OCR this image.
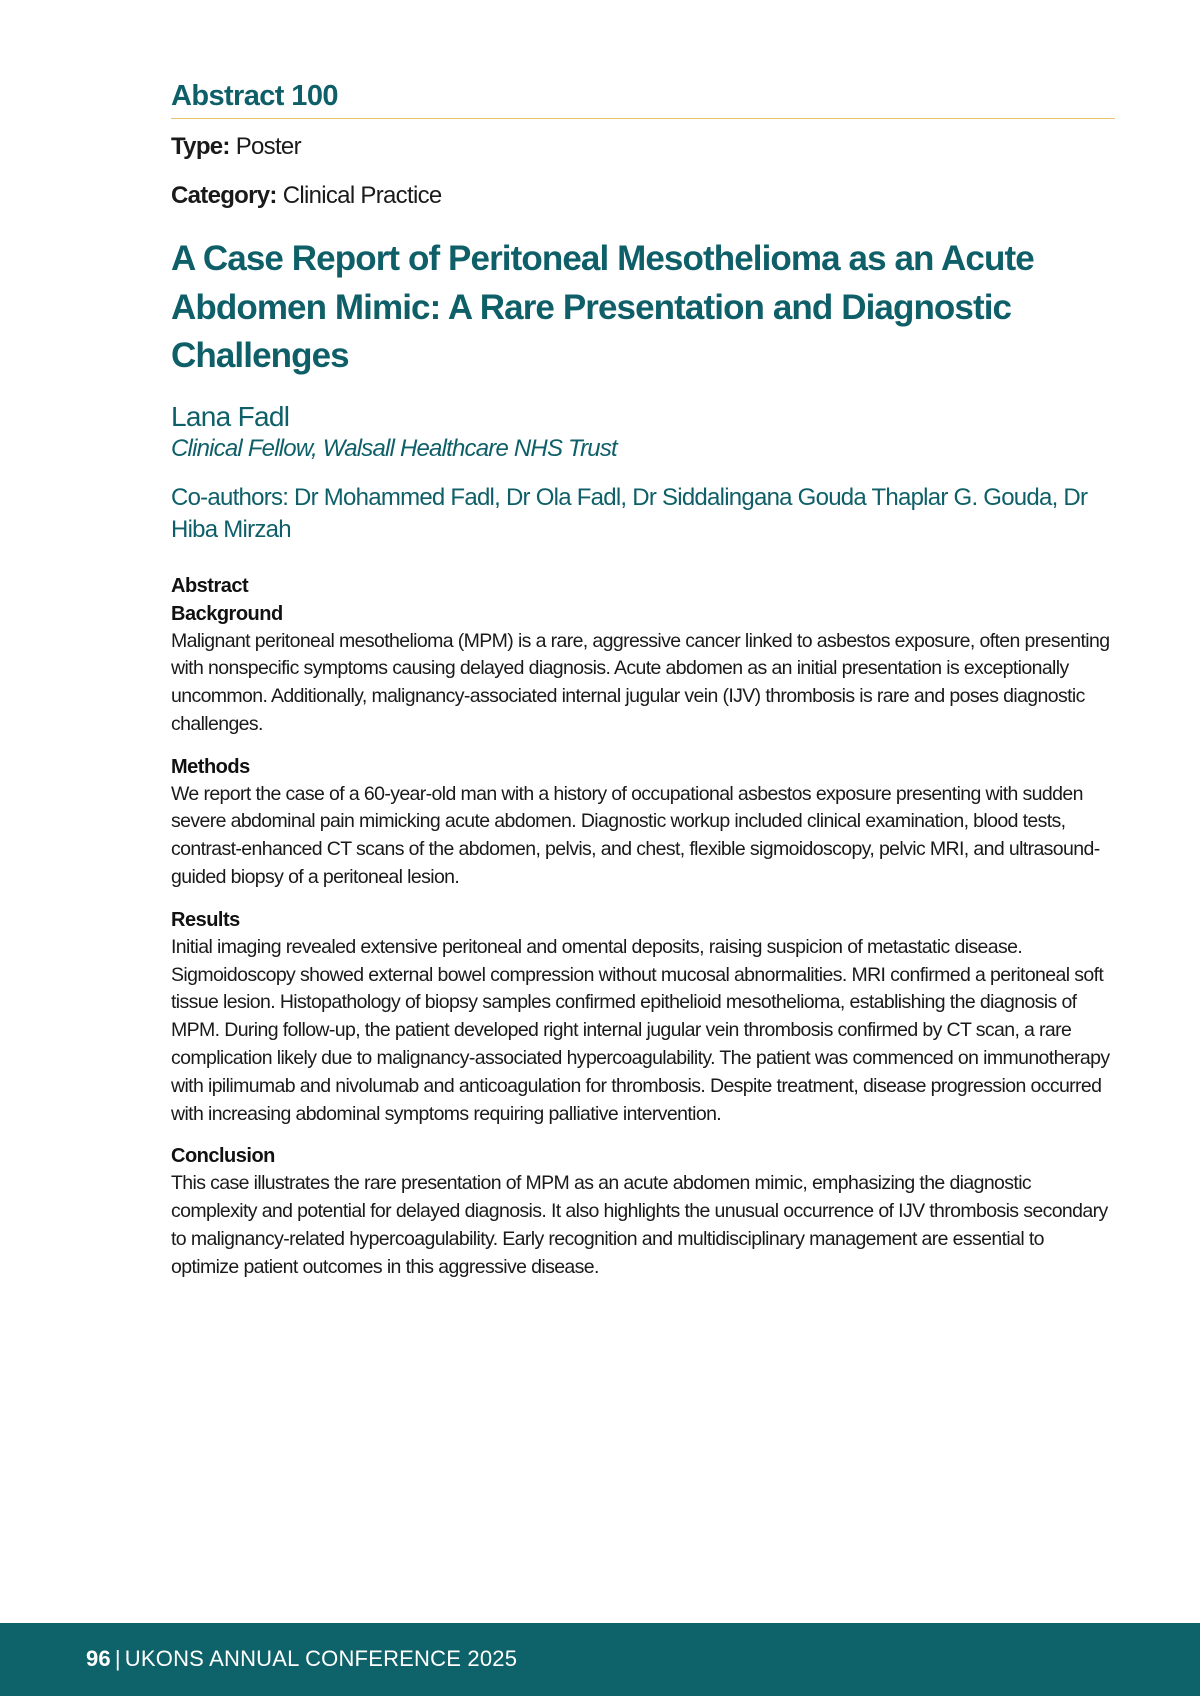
Abstract 100
Type: Poster
Category: Clinical Practice
A Case Report of Peritoneal Mesothelioma as an Acute Abdomen Mimic: A Rare Presentation and Diagnostic Challenges
Lana Fadl
Clinical Fellow, Walsall Healthcare NHS Trust
Co-authors: Dr Mohammed Fadl, Dr Ola Fadl, Dr Siddalingana Gouda Thaplar G. Gouda, Dr Hiba Mirzah
Abstract
Background
Malignant peritoneal mesothelioma (MPM) is a rare, aggressive cancer linked to asbestos exposure, often presenting with nonspecific symptoms causing delayed diagnosis. Acute abdomen as an initial presentation is exceptionally uncommon. Additionally, malignancy-associated internal jugular vein (IJV) thrombosis is rare and poses diagnostic challenges.
Methods
We report the case of a 60-year-old man with a history of occupational asbestos exposure presenting with sudden severe abdominal pain mimicking acute abdomen. Diagnostic workup included clinical examination, blood tests, contrast-enhanced CT scans of the abdomen, pelvis, and chest, flexible sigmoidoscopy, pelvic MRI, and ultrasound-guided biopsy of a peritoneal lesion.
Results
Initial imaging revealed extensive peritoneal and omental deposits, raising suspicion of metastatic disease. Sigmoidoscopy showed external bowel compression without mucosal abnormalities. MRI confirmed a peritoneal soft tissue lesion. Histopathology of biopsy samples confirmed epithelioid mesothelioma, establishing the diagnosis of MPM. During follow-up, the patient developed right internal jugular vein thrombosis confirmed by CT scan, a rare complication likely due to malignancy-associated hypercoagulability. The patient was commenced on immunotherapy with ipilimumab and nivolumab and anticoagulation for thrombosis. Despite treatment, disease progression occurred with increasing abdominal symptoms requiring palliative intervention.
Conclusion
This case illustrates the rare presentation of MPM as an acute abdomen mimic, emphasizing the diagnostic complexity and potential for delayed diagnosis. It also highlights the unusual occurrence of IJV thrombosis secondary to malignancy-related hypercoagulability. Early recognition and multidisciplinary management are essential to optimize patient outcomes in this aggressive disease.
96 | UKONS ANNUAL CONFERENCE 2025
